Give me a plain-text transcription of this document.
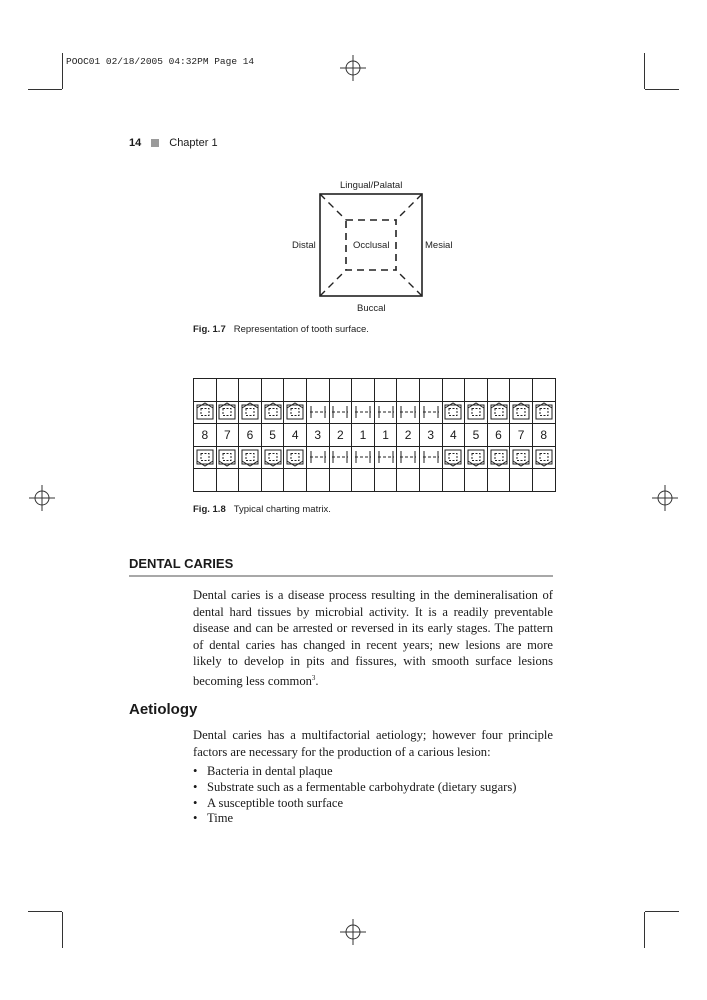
POOC01 02/18/2005 04:32PM Page 14
14	Chapter 1
Lingual/Palatal
Distal	Occlusal	Mesial
Buccal
Fig. 1.7 Representation of tooth surface.

8	7	6	5	4	3	2	1	1	2	3	4	5	6	7	8

Fig. 1.8 Typical charting matrix.
DENTAL CARIES
Dental caries is a disease process resulting in the demineralisation of dental hard tissues by microbial activity. It is a readily preventable disease and can be arrested or reversed in its early stages. The pattern of dental caries has changed in recent years; new lesions are more likely to develop in pits and fissures, with smooth surface lesions becoming less common$^3$.
Aetiology
Dental caries has a multifactorial aetiology; however four principle factors are necessary for the production of a carious lesion:
• Bacteria in dental plaque
• Substrate such as a fermentable carbohydrate (dietary sugars)
• A susceptible tooth surface
• Time
